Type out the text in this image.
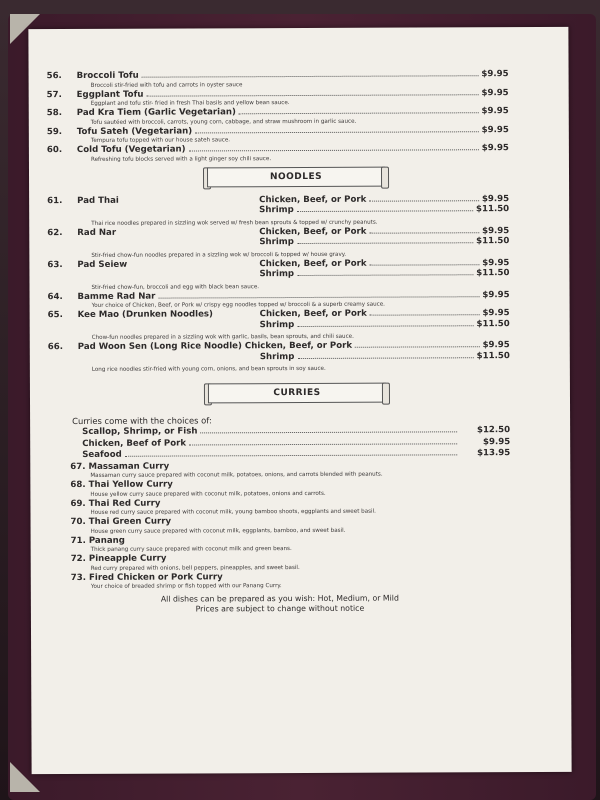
56.	Broccoli Tofu	$9.95
Broccoli stir-fried with tofu and carrots in oyster sauce
57.	Eggplant Tofu	$9.95
Eggplant and tofu stir- fried in fresh Thai basils and yellow bean sauce.
58.	Pad Kra Tiem (Garlic Vegetarian)	$9.95
Tofu sautéed with broccoli, carrots, young corn, cabbage, and straw mushroom in garlic sauce.
59.	Tofu Sateh (Vegetarian)	$9.95
Tempura tofu topped with our house sateh sauce.
60.	Cold Tofu (Vegetarian)	$9.95
Refreshing tofu blocks served with a light ginger soy chili sauce.
NOODLES
61.	Pad Thai	Chicken, Beef, or Pork	$9.95
Shrimp	$11.50
Thai rice noodles prepared in sizzling wok served w/ fresh bean sprouts & topped w/ crunchy peanuts.
62.	Rad Nar	Chicken, Beef, or Pork	$9.95
Shrimp	$11.50
Stir-fried chow-fun noodles prepared in a sizzling wok w/ broccoli & topped w/ house gravy.
63.	Pad Seiew	Chicken, Beef, or Pork	$9.95
Shrimp	$11.50
Stir-fried chow-fun, broccoli and egg with black bean sauce.
64.	Bamme Rad Nar	$9.95
Your choice of Chicken, Beef, or Pork w/ crispy egg noodles topped w/ broccoli & a superb creamy sauce.
65.	Kee Mao (Drunken Noodles)	Chicken, Beef, or Pork	$9.95
Shrimp	$11.50
Chow-fun noodles prepared in a sizzling wok with garlic, basils, bean sprouts, and chili sauce.
66.	Pad Woon Sen (Long Rice Noodle)
Chicken, Beef, or Pork	$9.95
Shrimp	$11.50
Long rice noodles stir-fried with young corn, onions, and bean sprouts in soy sauce.
CURRIES
Curries come with the choices of:
Scallop, Shrimp, or Fish	$12.50
Chicken, Beef of Pork	$9.95
Seafood	$13.95
67. Massaman Curry
Massaman curry sauce prepared with coconut milk, potatoes, onions, and carrots blended with peanuts.
68. Thai Yellow Curry
House yellow curry sauce prepared with coconut milk, potatoes, onions and carrots.
69. Thai Red Curry
House red curry sauce prepared with coconut milk, young bamboo shoots, eggplants and sweet basil.
70. Thai Green Curry
House green curry sauce prepared with coconut milk, eggplants, bamboo, and sweet basil.
71. Panang
Thick panang curry sauce prepared with coconut milk and green beans.
72. Pineapple Curry
Red curry prepared with onions, bell peppers, pineapples, and sweet basil.
73. Fired Chicken or Pork Curry
Your choice of breaded shrimp or fish topped with our Panang Curry.
All dishes can be prepared as you wish: Hot, Medium, or Mild
Prices are subject to change without notice
